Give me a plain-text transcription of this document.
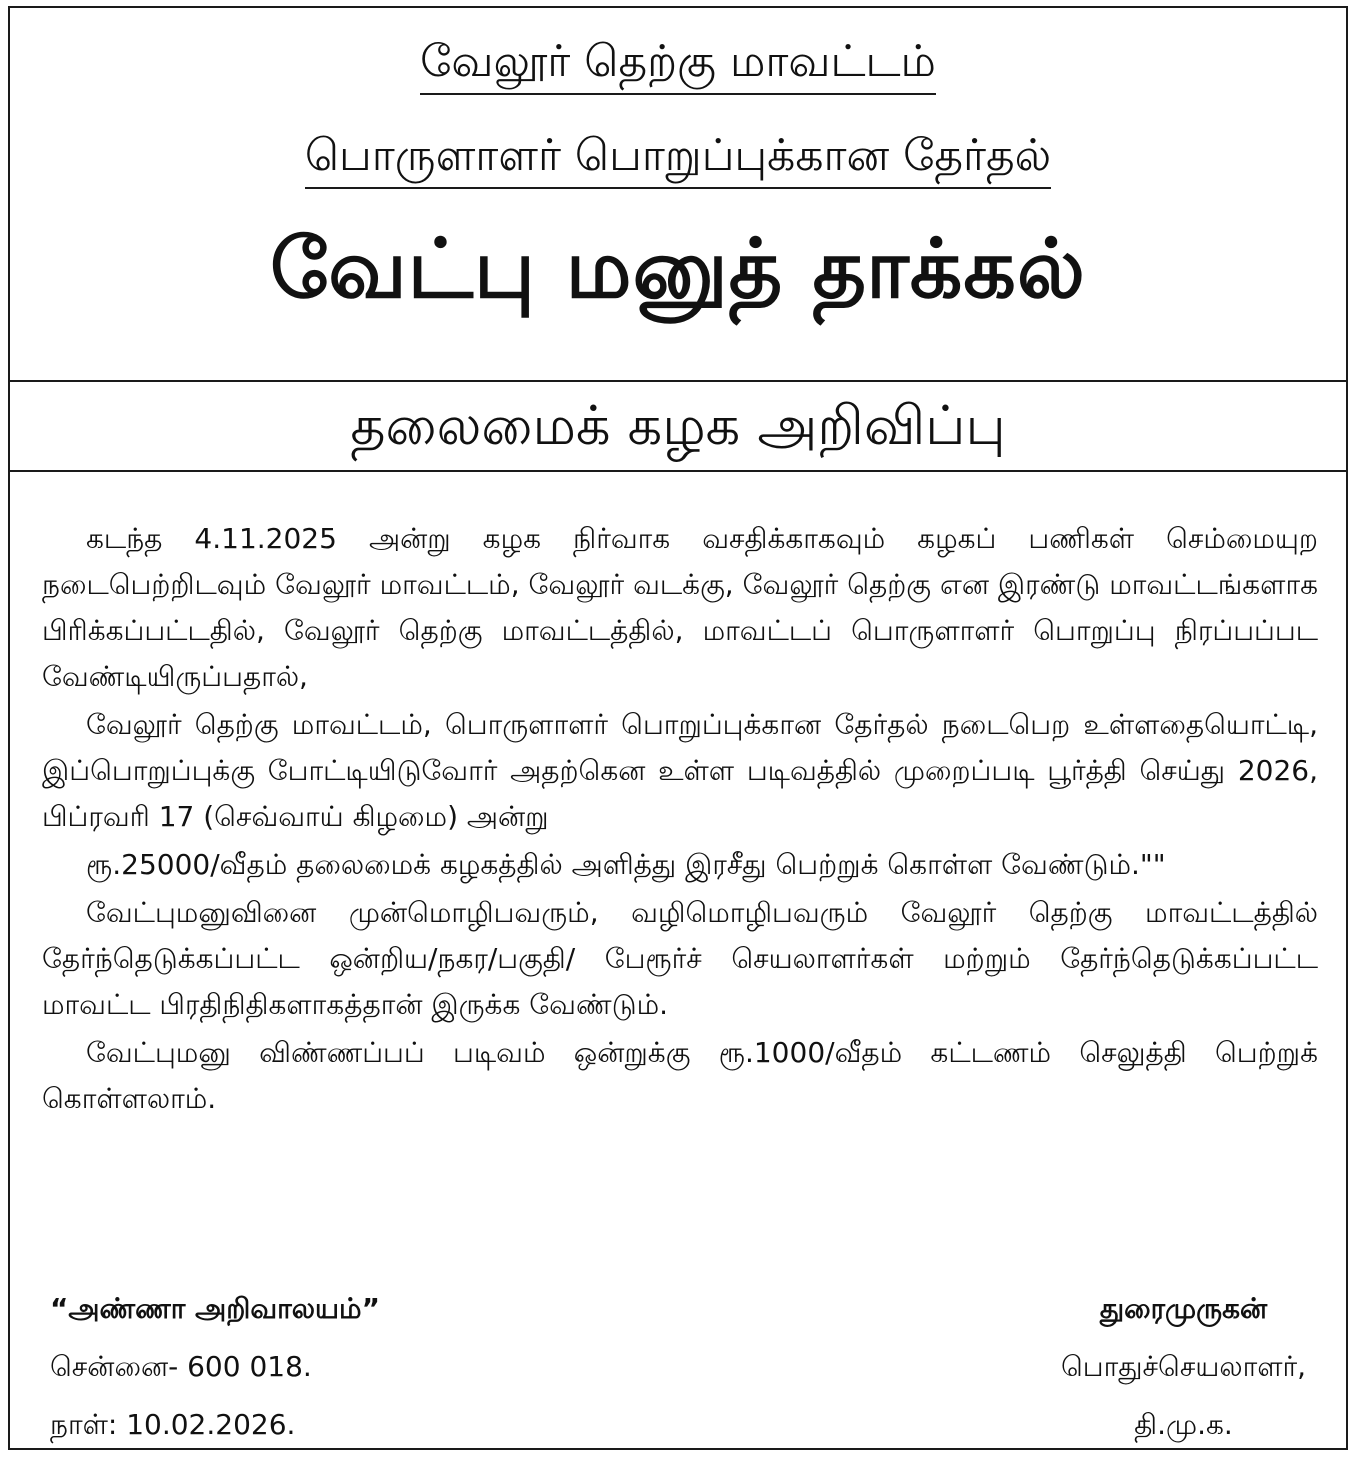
வேலூர் தெற்கு மாவட்டம்
பொருளாளர் பொறுப்புக்கான தேர்தல்
வேட்பு மனுத் தாக்கல்
தலைமைக் கழக அறிவிப்பு

கடந்த 4.11.2025 அன்று கழக நிர்வாக வசதிக்காகவும் கழகப் பணிகள் செம்மையுற நடைபெற்றிடவும் வேலூர் மாவட்டம், வேலூர் வடக்கு, வேலூர் தெற்கு என இரண்டு மாவட்டங்களாக பிரிக்கப்பட்டதில், வேலூர் தெற்கு மாவட்டத்தில், மாவட்டப் பொருளாளர் பொறுப்பு நிரப்பப்பட வேண்டியிருப்பதால்,

வேலூர் தெற்கு மாவட்டம், பொருளாளர் பொறுப்புக்கான தேர்தல் நடைபெற உள்ளதையொட்டி, இப்பொறுப்புக்கு போட்டியிடுவோர் அதற்கென உள்ள படிவத்தில் முறைப்படி பூர்த்தி செய்து 2026, பிப்ரவரி 17 (செவ்வாய் கிழமை) அன்று

ரூ.25000/வீதம் தலைமைக் கழகத்தில் அளித்து இரசீது பெற்றுக் கொள்ள வேண்டும்.""

வேட்புமனுவினை முன்மொழிபவரும், வழிமொழிபவரும் வேலூர் தெற்கு மாவட்டத்தில் தேர்ந்தெடுக்கப்பட்ட ஒன்றிய/நகர/பகுதி/ பேரூர்ச் செயலாளர்கள் மற்றும் தேர்ந்தெடுக்கப்பட்ட மாவட்ட பிரதிநிதிகளாகத்தான் இருக்க வேண்டும்.

வேட்புமனு விண்ணப்பப் படிவம் ஒன்றுக்கு ரூ.1000/வீதம் கட்டணம் செலுத்தி பெற்றுக் கொள்ளலாம்.

“அண்ணா அறிவாலயம்”
சென்னை- 600 018.
நாள்: 10.02.2026.
துரைமுருகன்
பொதுச்செயலாளர்,
தி.மு.க.
